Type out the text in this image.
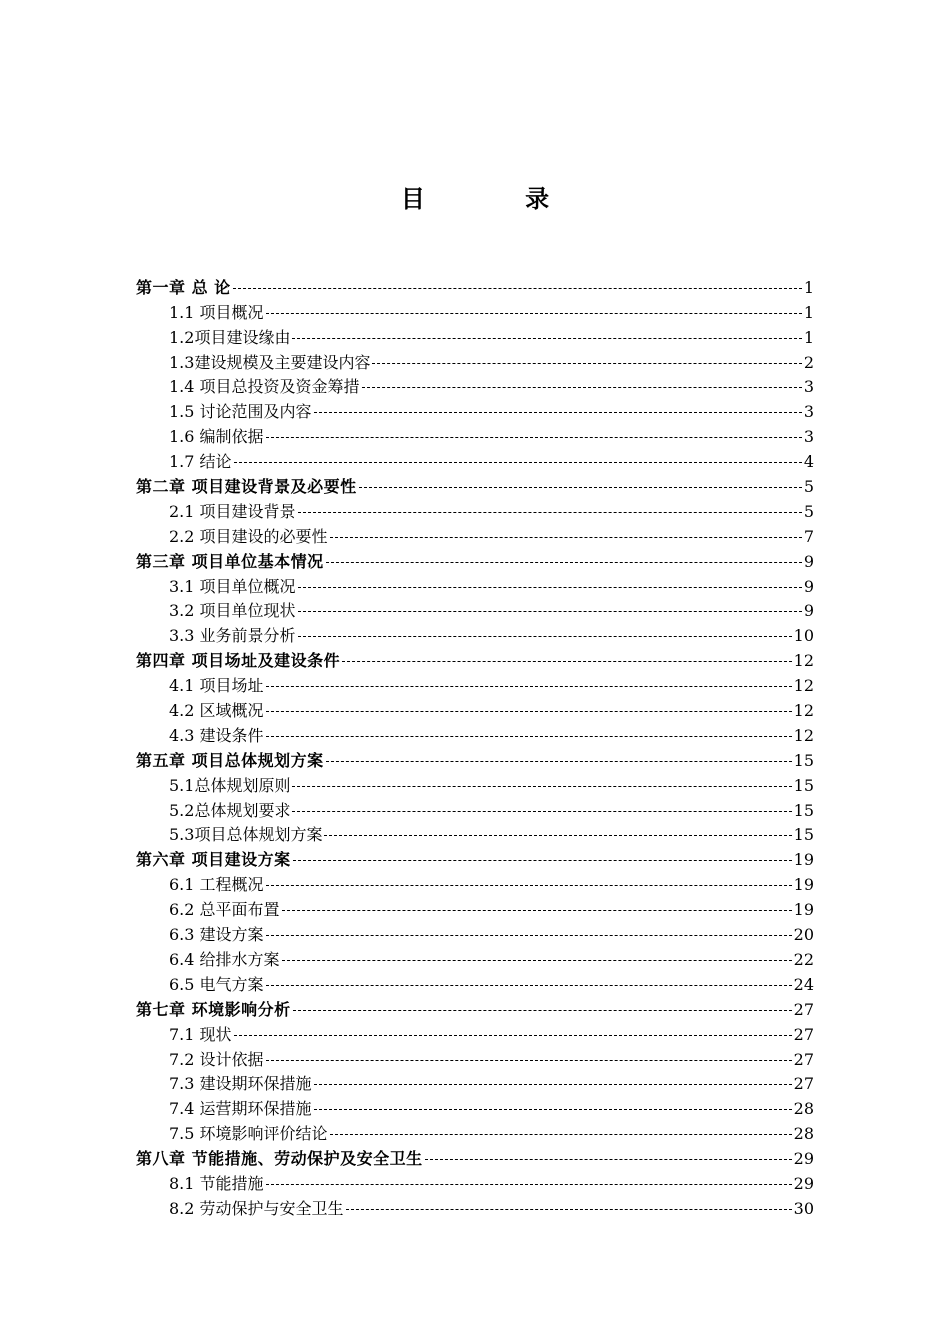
目 录
第一章 总 论	1
1.1 项目概况	1
1.2项目建设缘由	1
1.3建设规模及主要建设内容	2
1.4 项目总投资及资金筹措	3
1.5 讨论范围及内容	3
1.6 编制依据	3
1.7 结论	4
第二章 项目建设背景及必要性	5
2.1 项目建设背景	5
2.2 项目建设的必要性	7
第三章 项目单位基本情况	9
3.1 项目单位概况	9
3.2 项目单位现状	9
3.3 业务前景分析	10
第四章 项目场址及建设条件	12
4.1 项目场址	12
4.2 区域概况	12
4.3 建设条件	12
第五章 项目总体规划方案	15
5.1总体规划原则	15
5.2总体规划要求	15
5.3项目总体规划方案	15
第六章 项目建设方案	19
6.1 工程概况	19
6.2 总平面布置	19
6.3 建设方案	20
6.4 给排水方案	22
6.5 电气方案	24
第七章 环境影响分析	27
7.1 现状	27
7.2 设计依据	27
7.3 建设期环保措施	27
7.4 运营期环保措施	28
7.5 环境影响评价结论	28
第八章 节能措施、劳动保护及安全卫生	29
8.1 节能措施	29
8.2 劳动保护与安全卫生	30
